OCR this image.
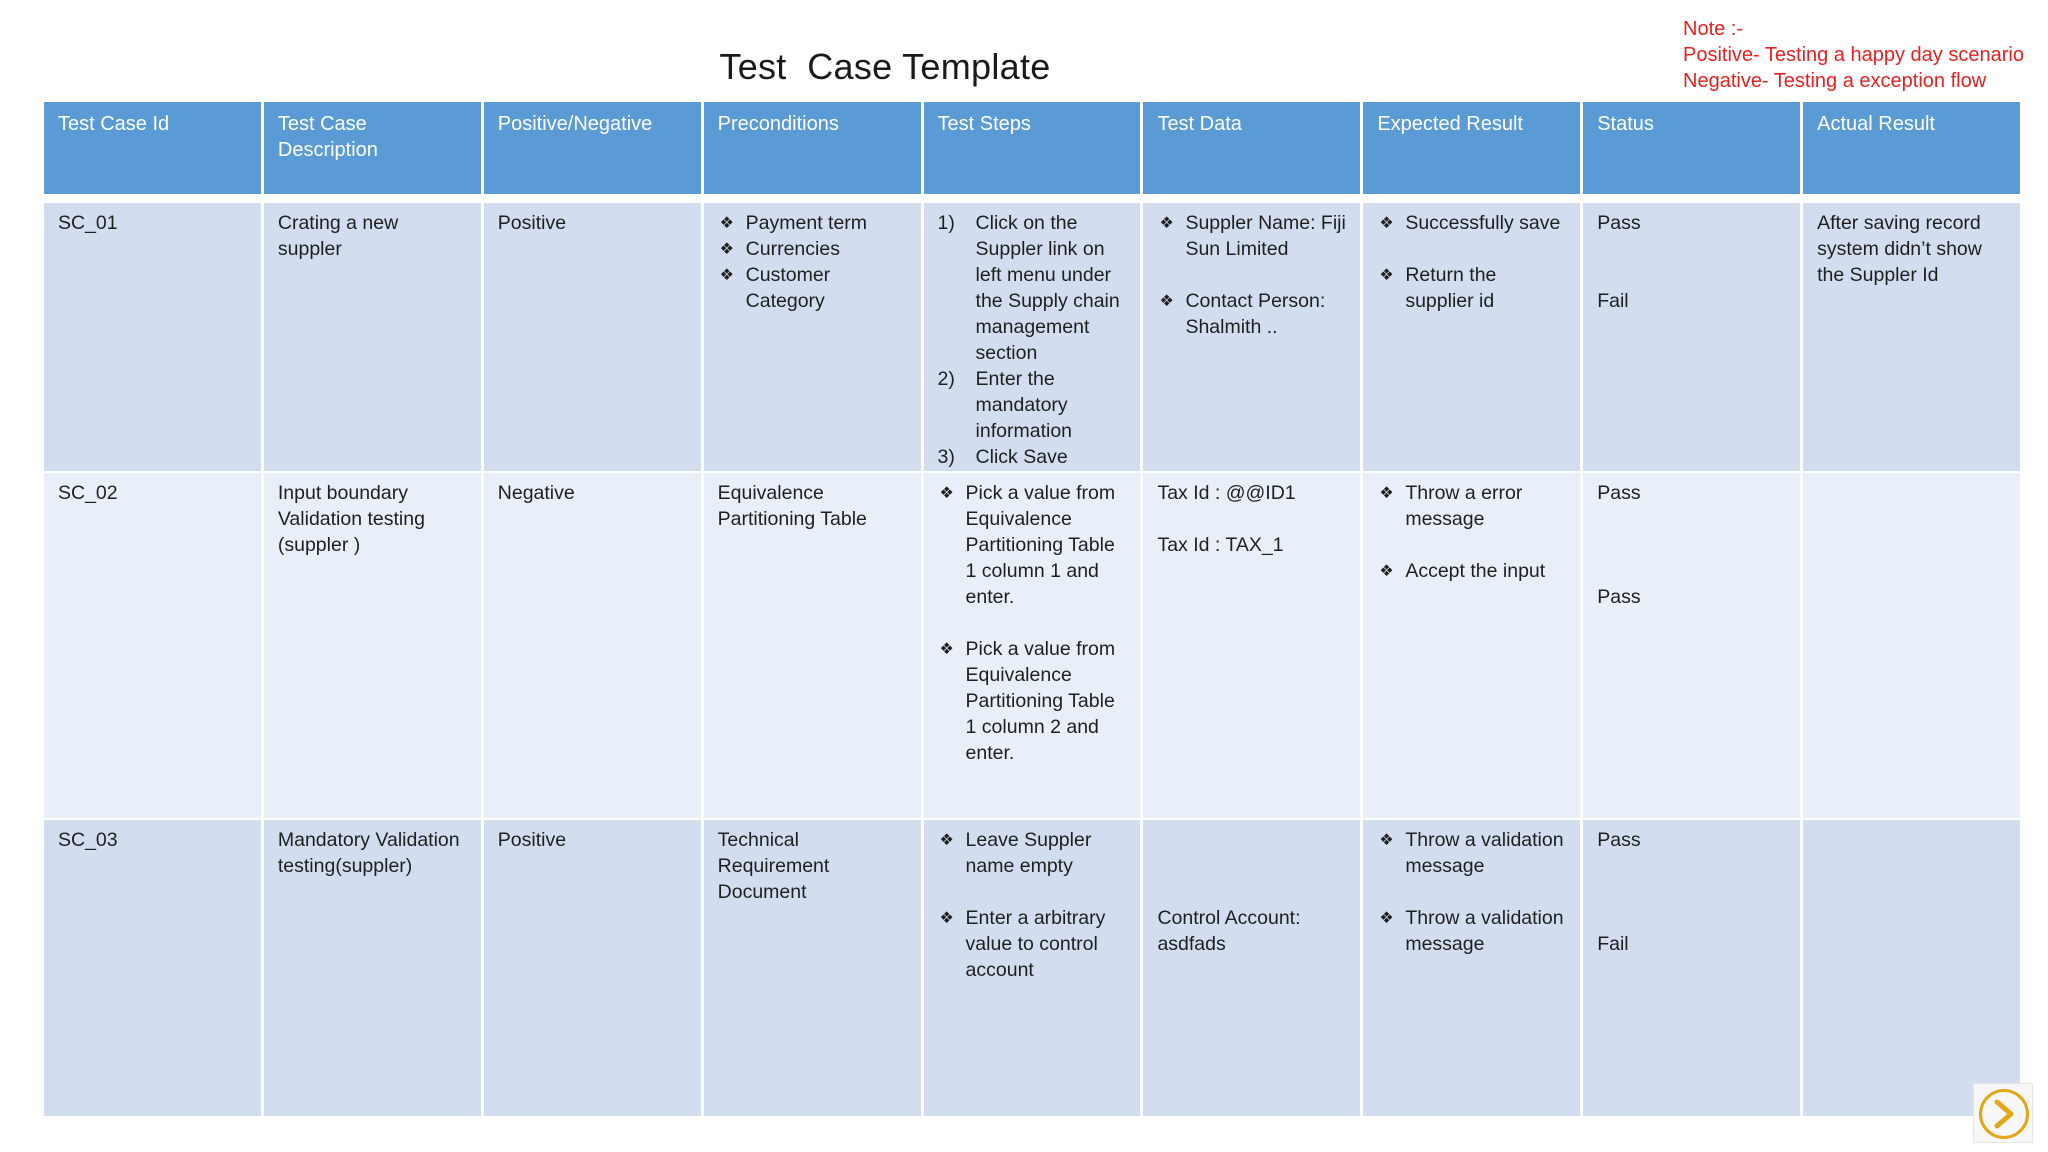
Test  Case Template
Note :-
Positive- Testing a happy day scenario
Negative- Testing a exception flow
Test Case Id	Test Case Description
Positive/Negative	Preconditions	Test Steps	Test Data	Expected Result	Status	Actual Result
SC_01	Crating a new suppler
Positive
❖	Payment term
❖ Currencies
❖ Customer Category
1) Click on the Suppler link on left menu under the Supply chain management section
2) Enter the mandatory information
3) Click Save
❖ Suppler Name: Fiji Sun Limited
❖ Contact Person: Shalmith ..
❖ Successfully save
❖ Return the supplier id
Pass
Fail
After saving record system didn’t show the Suppler Id
SC_02	Input boundary Validation testing (suppler )
Negative	Equivalence Partitioning Table
❖ Pick a value from Equivalence Partitioning Table 1 column 1 and enter.
❖ Pick a value from Equivalence Partitioning Table 1 column 2 and enter.
Tax Id : @@ID1
Tax Id : TAX_1
❖ Throw a error message
❖ Accept the input
Pass
Pass
SC_03	Mandatory Validation testing(suppler)
Positive	Technical Requirement Document
❖ Leave Suppler name empty
❖ Enter a arbitrary value to control account
Control Account: asdfads
❖ Throw a validation message
❖ Throw a validation message
Pass
Fail
